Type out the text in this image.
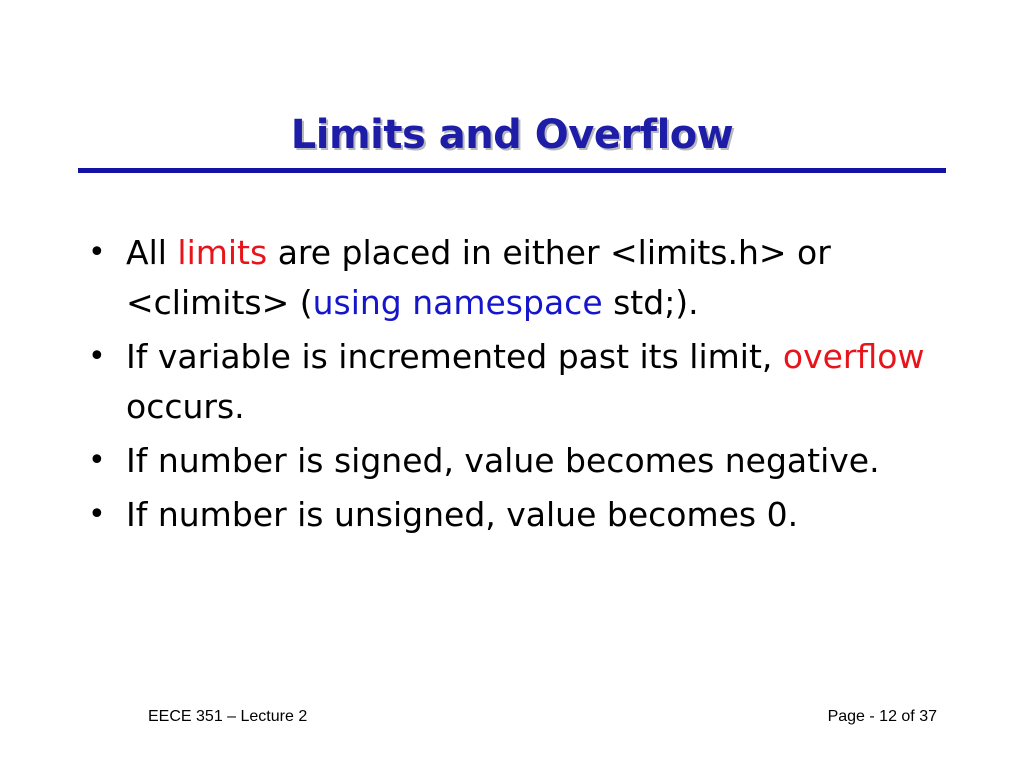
Limits and Overflow
• All limits are placed in either <limits.h> or <climits> (using namespace std;).
• If variable is incremented past its limit, overflow occurs.
• If number is signed, value becomes negative.
• If number is unsigned, value becomes 0.
EECE 351 – Lecture 2	Page - 12 of 37
